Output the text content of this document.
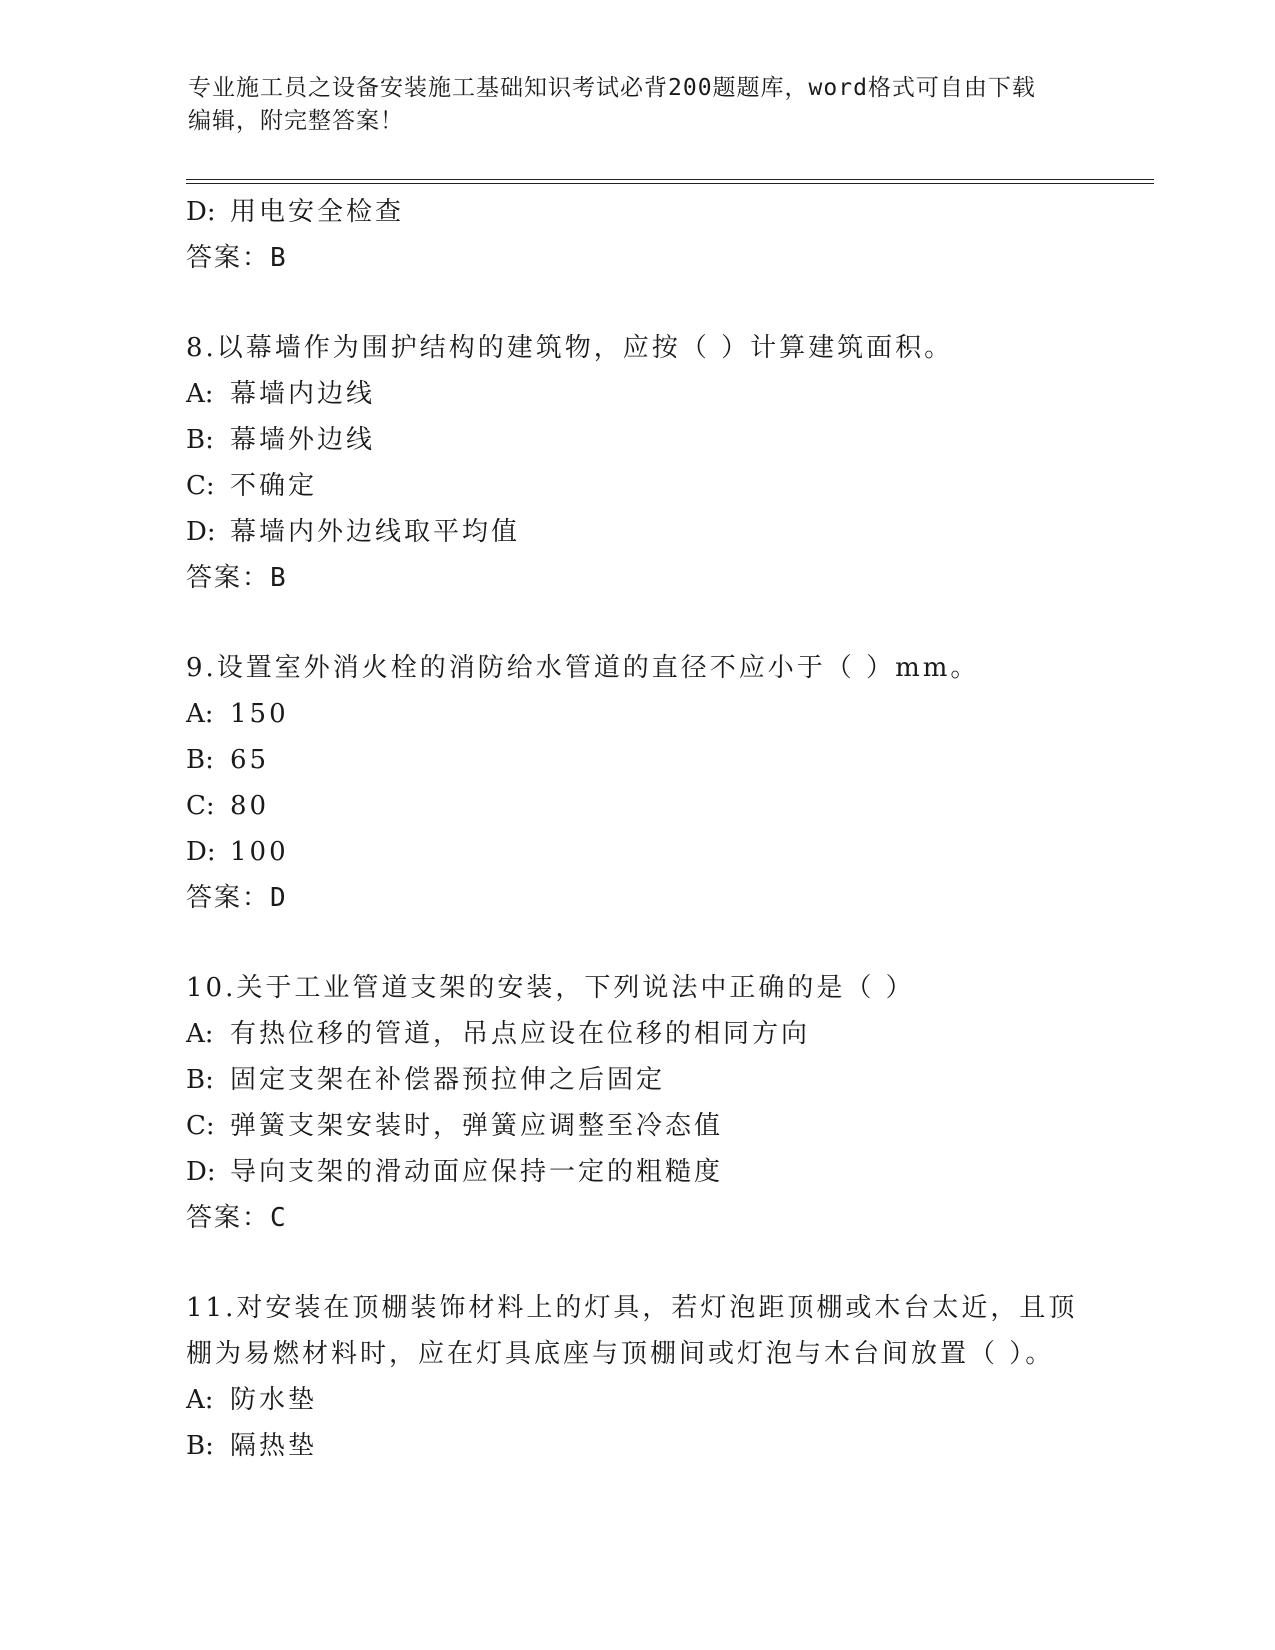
专业施工员之设备安装施工基础知识考试必背200题题库，word格式可自由下载
编辑，附完整答案！
D: 用电安全检查
答案：B
8.以幕墙作为围护结构的建筑物，应按（ ）计算建筑面积。
A: 幕墙内边线
B: 幕墙外边线
C: 不确定
D: 幕墙内外边线取平均值
答案：B
9.设置室外消火栓的消防给水管道的直径不应小于（ ）mm。
A: 150
B: 65
C: 80
D: 100
答案：D
10.关于工业管道支架的安装，下列说法中正确的是（ ）
A: 有热位移的管道，吊点应设在位移的相同方向
B: 固定支架在补偿器预拉伸之后固定
C: 弹簧支架安装时，弹簧应调整至冷态值
D: 导向支架的滑动面应保持一定的粗糙度
答案：C
11.对安装在顶棚装饰材料上的灯具，若灯泡距顶棚或木台太近，且顶
棚为易燃材料时，应在灯具底座与顶棚间或灯泡与木台间放置（ ）。
A: 防水垫
B: 隔热垫
